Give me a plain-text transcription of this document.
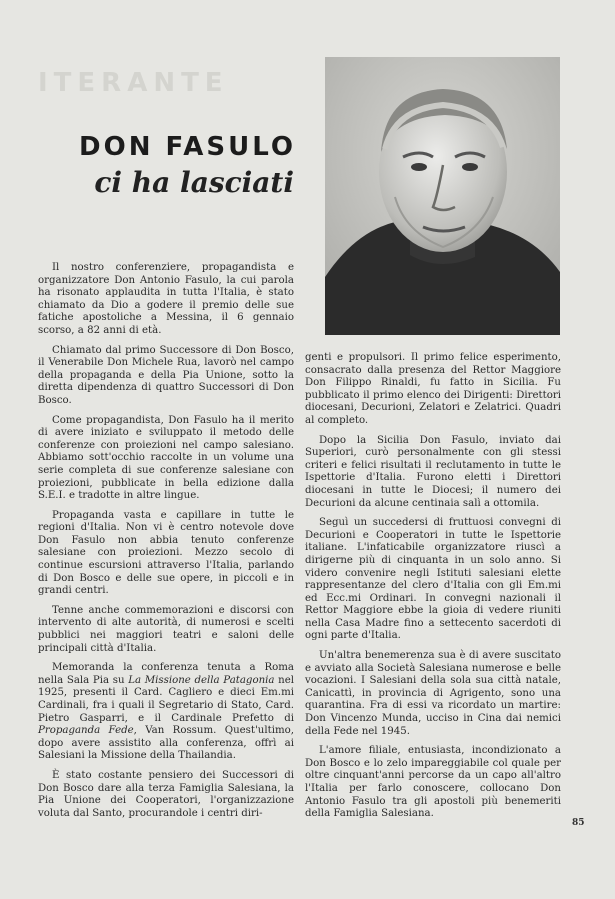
ITERANTE
DON FASULO
ci ha lasciati

Il nostro conferenziere, propagandista e organizzatore Don Antonio Fasulo, la cui parola ha risonato applaudita in tutta l'Italia, è stato chiamato da Dio a godere il premio delle sue fatiche apostoliche a Messina, il 6 gennaio scorso, a 82 anni di età.

Chiamato dal primo Successore di Don Bosco, il Venerabile Don Michele Rua, lavorò nel campo della propaganda e della Pia Unione, sotto la diretta dipendenza di quattro Successori di Don Bosco.

Come propagandista, Don Fasulo ha il merito di avere iniziato e sviluppato il metodo delle conferenze con proiezioni nel campo salesiano. Abbiamo sott'occhio raccolte in un volume una serie completa di sue conferenze salesiane con proiezioni, pubblicate in bella edizione dalla S.E.I. e tradotte in altre lingue.

Propaganda vasta e capillare in tutte le regioni d'Italia. Non vi è centro notevole dove Don Fasulo non abbia tenuto conferenze salesiane con proiezioni. Mezzo secolo di continue escursioni attraverso l'Italia, parlando di Don Bosco e delle sue opere, in piccoli e in grandi centri.

Tenne anche commemorazioni e discorsi con intervento di alte autorità, di numerosi e scelti pubblici nei maggiori teatri e saloni delle principali città d'Italia.

Memoranda la conferenza tenuta a Roma nella Sala Pia su La Missione della Patagonia nel 1925, presenti il Card. Cagliero e dieci Em.mi Cardinali, fra i quali il Segretario di Stato, Card. Pietro Gasparri, e il Cardinale Prefetto di Propaganda Fede, Van Rossum. Quest'ultimo, dopo avere assistito alla conferenza, offrì ai Salesiani la Missione della Thailandia.

È stato costante pensiero dei Successori di Don Bosco dare alla terza Famiglia Salesiana, la Pia Unione dei Cooperatori, l'organizzazione voluta dal Santo, procurandole i centri diri-

genti e propulsori. Il primo felice esperimento, consacrato dalla presenza del Rettor Maggiore Don Filippo Rinaldi, fu fatto in Sicilia. Fu pubblicato il primo elenco dei Dirigenti: Direttori diocesani, Decurioni, Zelatori e Zelatrici. Quadri al completo.

Dopo la Sicilia Don Fasulo, inviato dai Superiori, curò personalmente con gli stessi criteri e felici risultati il reclutamento in tutte le Ispettorie d'Italia. Furono eletti i Direttori diocesani in tutte le Diocesi; il numero dei Decurioni da alcune centinaia salì a ottomila.

Seguì un succedersi di fruttuosi convegni di Decurioni e Cooperatori in tutte le Ispettorie italiane. L'infaticabile organizzatore riuscì a dirigerne più di cinquanta in un solo anno. Si videro convenire negli Istituti salesiani elette rappresentanze del clero d'Italia con gli Em.mi ed Ecc.mi Ordinari. In convegni nazionali il Rettor Maggiore ebbe la gioia di vedere riuniti nella Casa Madre fino a settecento sacerdoti di ogni parte d'Italia.

Un'altra benemerenza sua è di avere suscitato e avviato alla Società Salesiana numerose e belle vocazioni. I Salesiani della sola sua città natale, Canicattì, in provincia di Agrigento, sono una quarantina. Fra di essi va ricordato un martire: Don Vincenzo Munda, ucciso in Cina dai nemici della Fede nel 1945.

L'amore filiale, entusiasta, incondizionato a Don Bosco e lo zelo impareggiabile col quale per oltre cinquant'anni percorse da un capo all'altro l'Italia per farlo conoscere, collocano Don Antonio Fasulo tra gli apostoli più benemeriti della Famiglia Salesiana.

85
